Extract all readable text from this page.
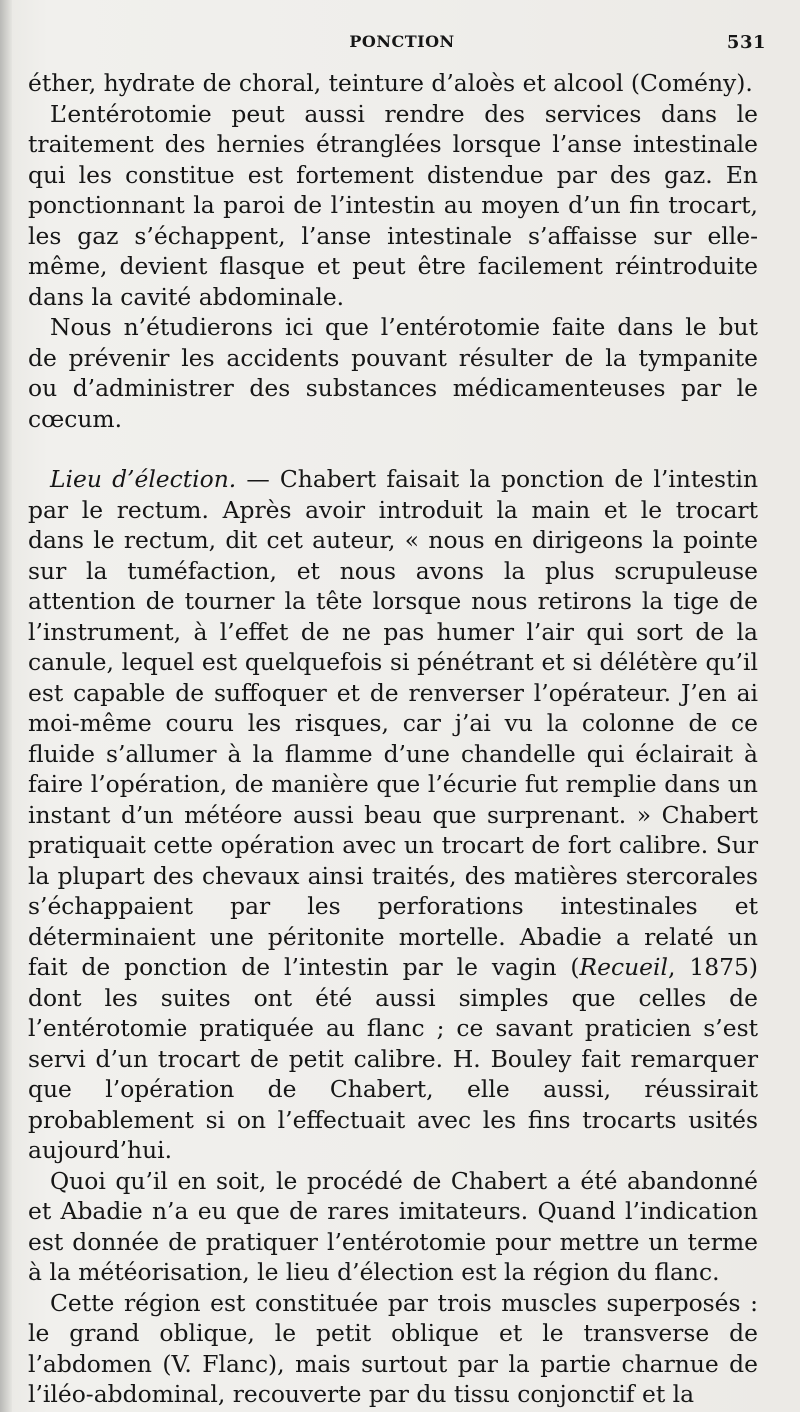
PONCTION	531

éther, hydrate de choral, teinture d’aloès et alcool (Comény).

L’entérotomie peut aussi rendre des services dans le traitement des hernies étranglées lorsque l’anse intestinale qui les constitue est fortement distendue par des gaz. En ponctionnant la paroi de l’intestin au moyen d’un fin trocart, les gaz s’échappent, l’anse intestinale s’affaisse sur elle-même, devient flasque et peut être facilement réintroduite dans la cavité abdominale.

Nous n’étudierons ici que l’entérotomie faite dans le but de prévenir les accidents pouvant résulter de la tympanite ou d’administrer des substances médicamenteuses par le cœcum.

Lieu d’élection. — Chabert faisait la ponction de l’intestin par le rectum. Après avoir introduit la main et le trocart dans le rectum, dit cet auteur, « nous en dirigeons la pointe sur la tuméfaction, et nous avons la plus scrupuleuse attention de tourner la tête lorsque nous retirons la tige de l’instrument, à l’effet de ne pas humer l’air qui sort de la canule, lequel est quelquefois si pénétrant et si délétère qu’il est capable de suffoquer et de renverser l’opérateur. J’en ai moi-même couru les risques, car j’ai vu la colonne de ce fluide s’allumer à la flamme d’une chandelle qui éclairait à faire l’opération, de manière que l’écurie fut remplie dans un instant d’un météore aussi beau que surprenant. » Chabert pratiquait cette opération avec un trocart de fort calibre. Sur la plupart des chevaux ainsi traités, des matières stercorales s’échappaient par les perforations intestinales et déterminaient une péritonite mortelle. Abadie a relaté un fait de ponction de l’intestin par le vagin (Recueil, 1875) dont les suites ont été aussi simples que celles de l’entérotomie pratiquée au flanc ; ce savant praticien s’est servi d’un trocart de petit calibre. H. Bouley fait remarquer que l’opération de Chabert, elle aussi, réussirait probablement si on l’effectuait avec les fins trocarts usités aujourd’hui.

Quoi qu’il en soit, le procédé de Chabert a été abandonné et Abadie n’a eu que de rares imitateurs. Quand l’indication est donnée de pratiquer l’entérotomie pour mettre un terme à la météorisation, le lieu d’élection est la région du flanc.

Cette région est constituée par trois muscles superposés : le grand oblique, le petit oblique et le transverse de l’abdomen (V. Flanc), mais surtout par la partie charnue de l’iléo-abdominal, recouverte par du tissu conjonctif et la
